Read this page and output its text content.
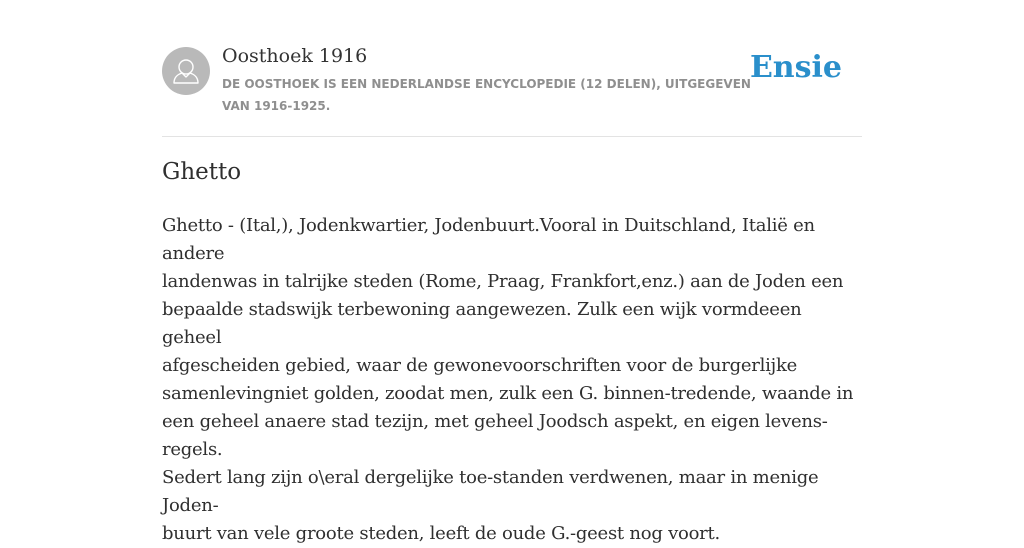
Oosthoek 1916
DE OOSTHOEK IS EEN NEDERLANDSE ENCYCLOPEDIE (12 DELEN), UITGEGEVEN VAN 1916-1925.
Ensie
Ghetto

Ghetto - (Ital,), Jodenkwartier, Jodenbuurt.Vooral in Duitschland, Italië en andere
landenwas in talrijke steden (Rome, Praag, Frankfort,enz.) aan de Joden een
bepaalde stadswijk terbewoning aangewezen. Zulk een wijk vormdeeen geheel
afgescheiden gebied, waar de gewonevoorschriften voor de burgerlijke
samenlevingniet golden, zoodat men, zulk een G. binnen-tredende, waande in
een geheel anaere stad tezijn, met geheel Joodsch aspekt, en eigen levens-regels.
Sedert lang zijn o\eral dergelijke toe-standen verdwenen, maar in menige Joden-
buurt van vele groote steden, leeft de oude G.-geest nog voort.
